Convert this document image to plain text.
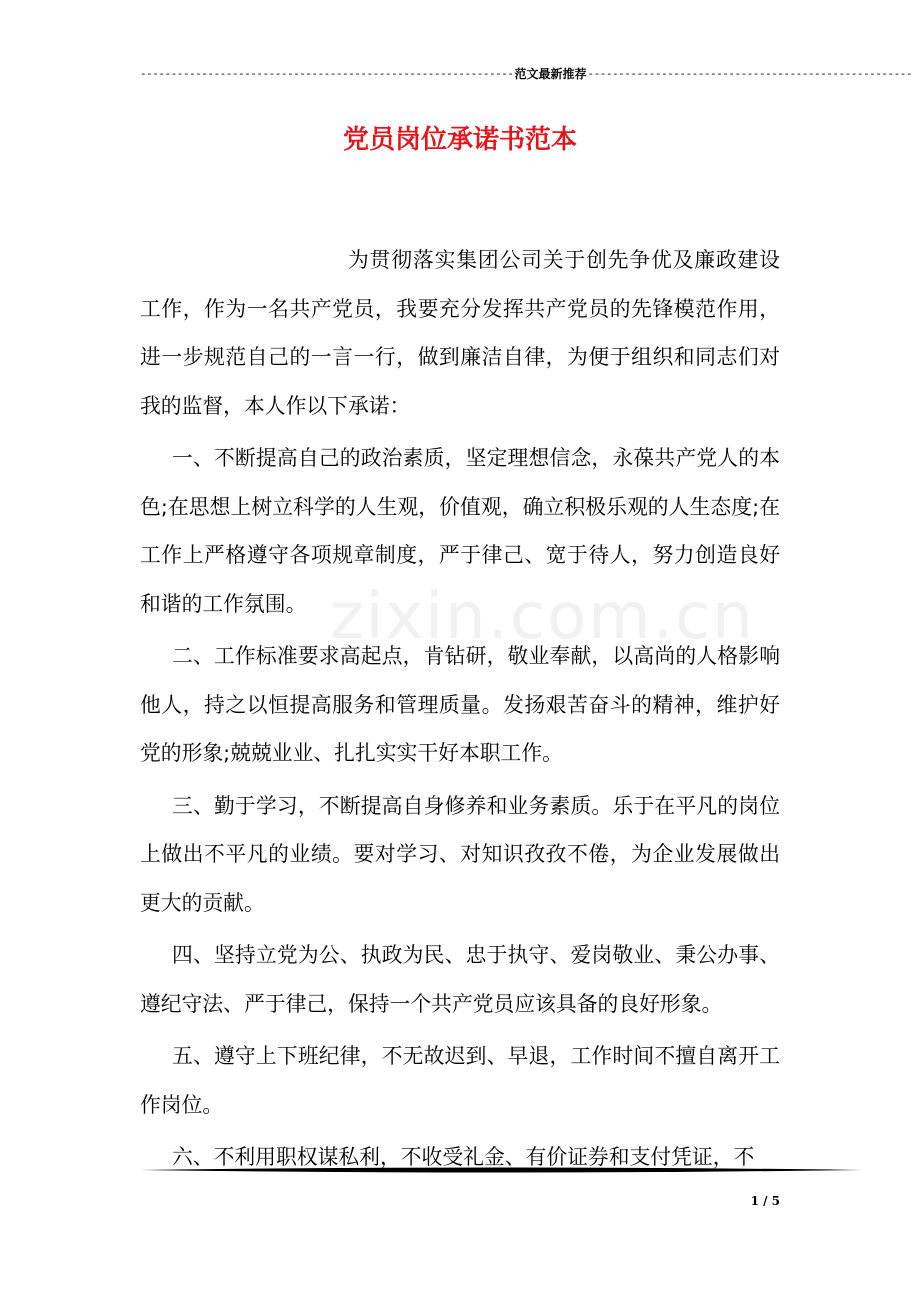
------------------------------------------------------------- 范文最新推荐 -----------------------------------------------------
党员岗位承诺书范本
zixin.com.cn

为贯彻落实集团公司关于创先争优及廉政建设工作，作为一名共产党员，我要充分发挥共产党员的先锋模范作用，进一步规范自己的一言一行，做到廉洁自律，为便于组织和同志们对我的监督，本人作以下承诺：

一、不断提高自己的政治素质，坚定理想信念，永葆共产党人的本色;在思想上树立科学的人生观，价值观，确立积极乐观的人生态度;在工作上严格遵守各项规章制度，严于律己、宽于待人，努力创造良好和谐的工作氛围。

二、工作标准要求高起点，肯钻研，敬业奉献，以高尚的人格影响他人，持之以恒提高服务和管理质量。发扬艰苦奋斗的精神，维护好党的形象;兢兢业业、扎扎实实干好本职工作。

三、勤于学习，不断提高自身修养和业务素质。乐于在平凡的岗位上做出不平凡的业绩。要对学习、对知识孜孜不倦，为企业发展做出更大的贡献。

四、坚持立党为公、执政为民、忠于执守、爱岗敬业、秉公办事、遵纪守法、严于律己，保持一个共产党员应该具备的良好形象。

五、遵守上下班纪律，不无故迟到、早退，工作时间不擅自离开工作岗位。

六、不利用职权谋私利，不收受礼金、有价证券和支付凭证，不

1 / 5
